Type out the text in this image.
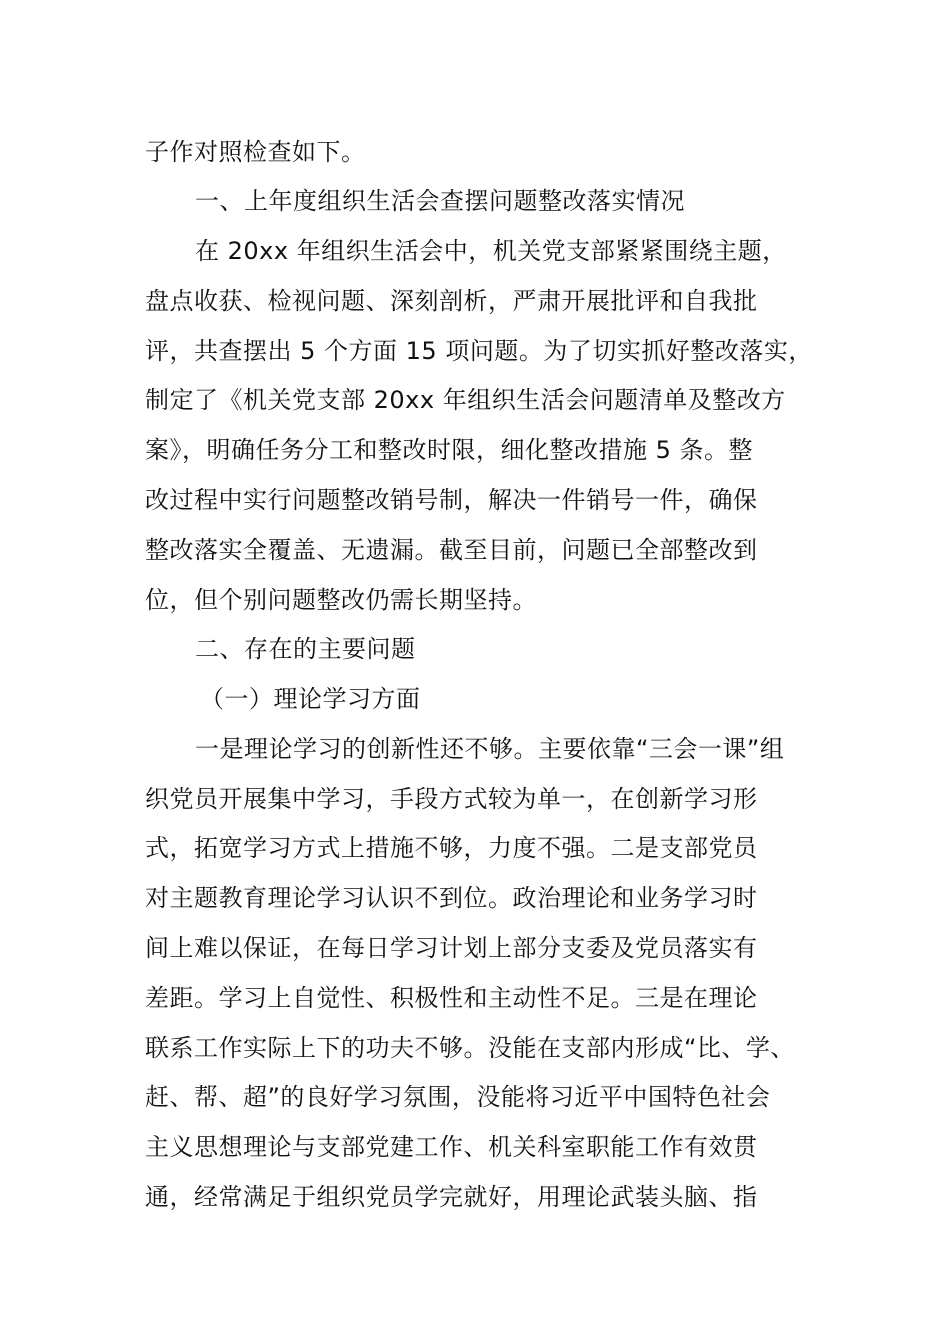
子作对照检查如下。
一、上年度组织生活会查摆问题整改落实情况
在 20xx 年组织生活会中，机关党支部紧紧围绕主题，
盘点收获、检视问题、深刻剖析，严肃开展批评和自我批
评，共查摆出 5 个方面 15 项问题。为了切实抓好整改落实，
制定了《机关党支部 20xx 年组织生活会问题清单及整改方
案》，明确任务分工和整改时限，细化整改措施 5 条。整
改过程中实行问题整改销号制，解决一件销号一件，确保
整改落实全覆盖、无遗漏。截至目前，问题已全部整改到
位，但个别问题整改仍需长期坚持。
二、存在的主要问题
（一）理论学习方面
一是理论学习的创新性还不够。主要依靠“三会一课”组
织党员开展集中学习，手段方式较为单一，在创新学习形
式，拓宽学习方式上措施不够，力度不强。二是支部党员
对主题教育理论学习认识不到位。政治理论和业务学习时
间上难以保证，在每日学习计划上部分支委及党员落实有
差距。学习上自觉性、积极性和主动性不足。三是在理论
联系工作实际上下的功夫不够。没能在支部内形成“比、学、
赶、帮、超”的良好学习氛围，没能将习近平中国特色社会
主义思想理论与支部党建工作、机关科室职能工作有效贯
通，经常满足于组织党员学完就好，用理论武装头脑、指
